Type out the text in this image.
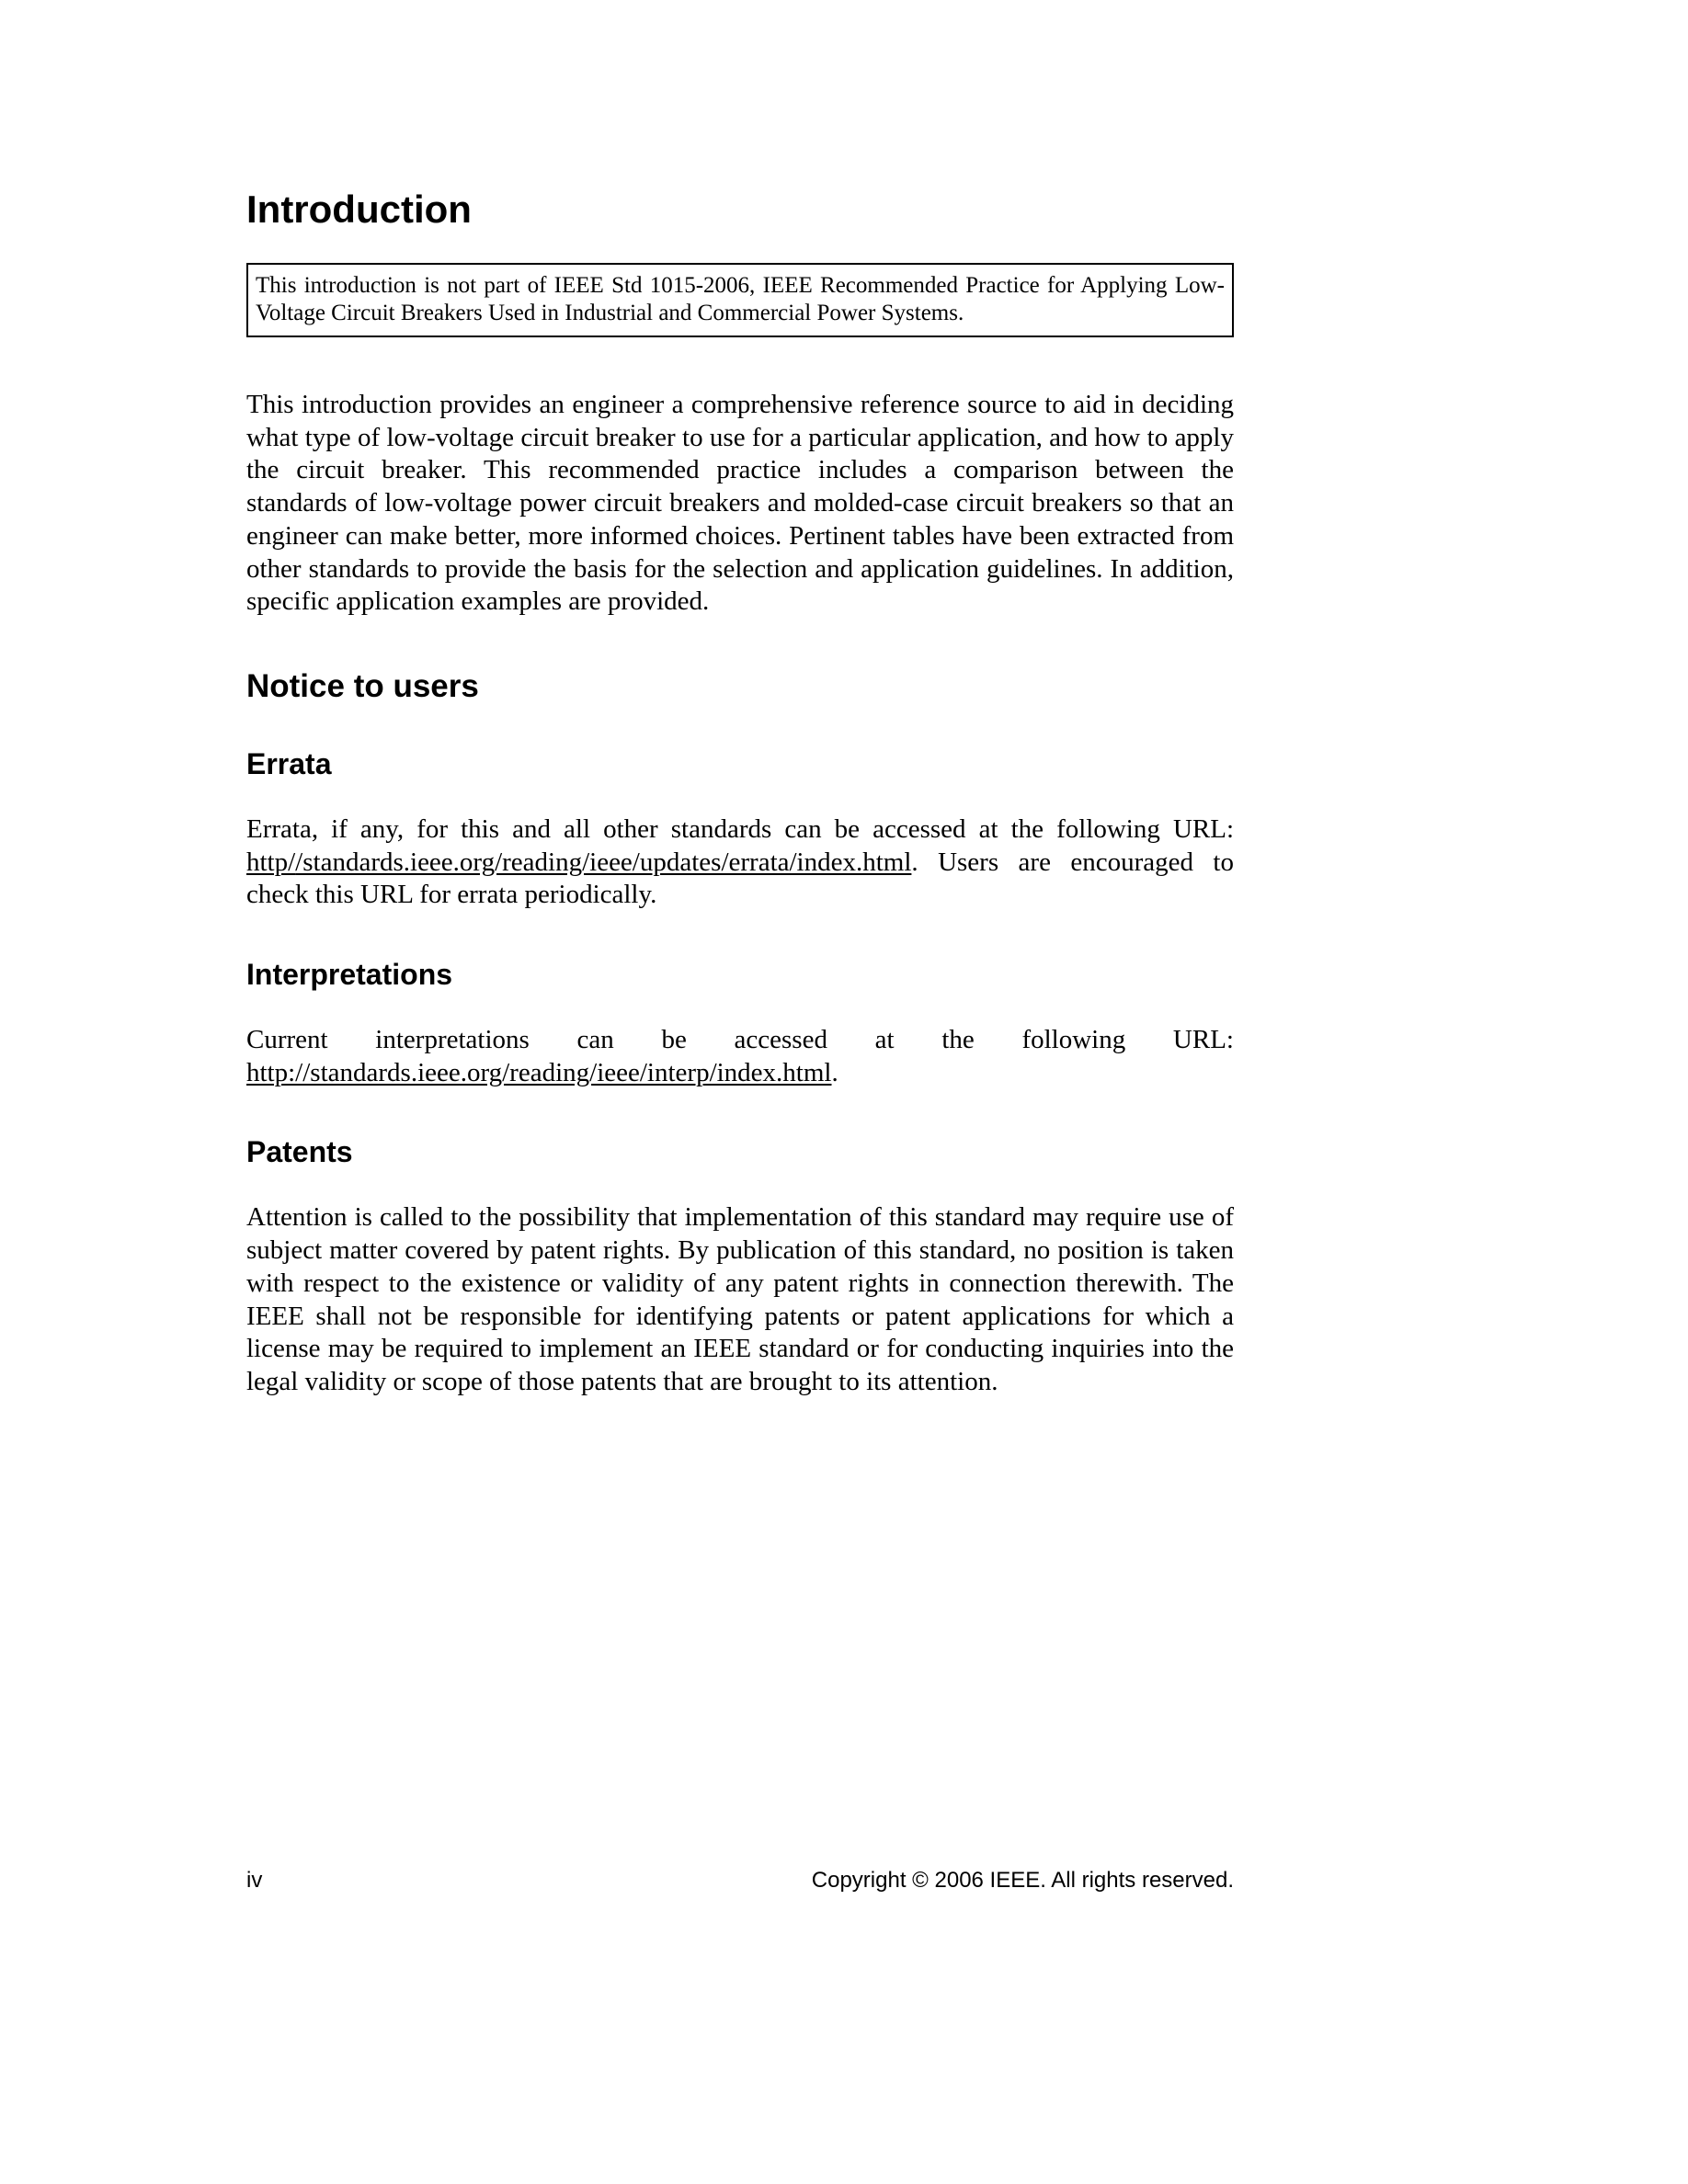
Introduction
This introduction is not part of IEEE Std 1015-2006, IEEE Recommended Practice for Applying Low-Voltage Circuit Breakers Used in Industrial and Commercial Power Systems.

This introduction provides an engineer a comprehensive reference source to aid in deciding what type of low-voltage circuit breaker to use for a particular application, and how to apply the circuit breaker. This recommended practice includes a comparison between the standards of low-voltage power circuit breakers and molded-case circuit breakers so that an engineer can make better, more informed choices. Pertinent tables have been extracted from other standards to provide the basis for the selection and application guidelines. In addition, specific application examples are provided.

Notice to users
Errata

Errata, if any, for this and all other standards can be accessed at the following URL: http//standards.ieee.org/reading/ieee/updates/errata/index.html. Users are encouraged to check this URL for errata periodically.

Interpretations

Current interpretations can be accessed at the following URL: http://standards.ieee.org/reading/ieee/interp/index.html.

Patents

Attention is called to the possibility that implementation of this standard may require use of subject matter covered by patent rights. By publication of this standard, no position is taken with respect to the existence or validity of any patent rights in connection therewith. The IEEE shall not be responsible for identifying patents or patent applications for which a license may be required to implement an IEEE standard or for conducting inquiries into the legal validity or scope of those patents that are brought to its attention.

iv	Copyright © 2006 IEEE. All rights reserved.
